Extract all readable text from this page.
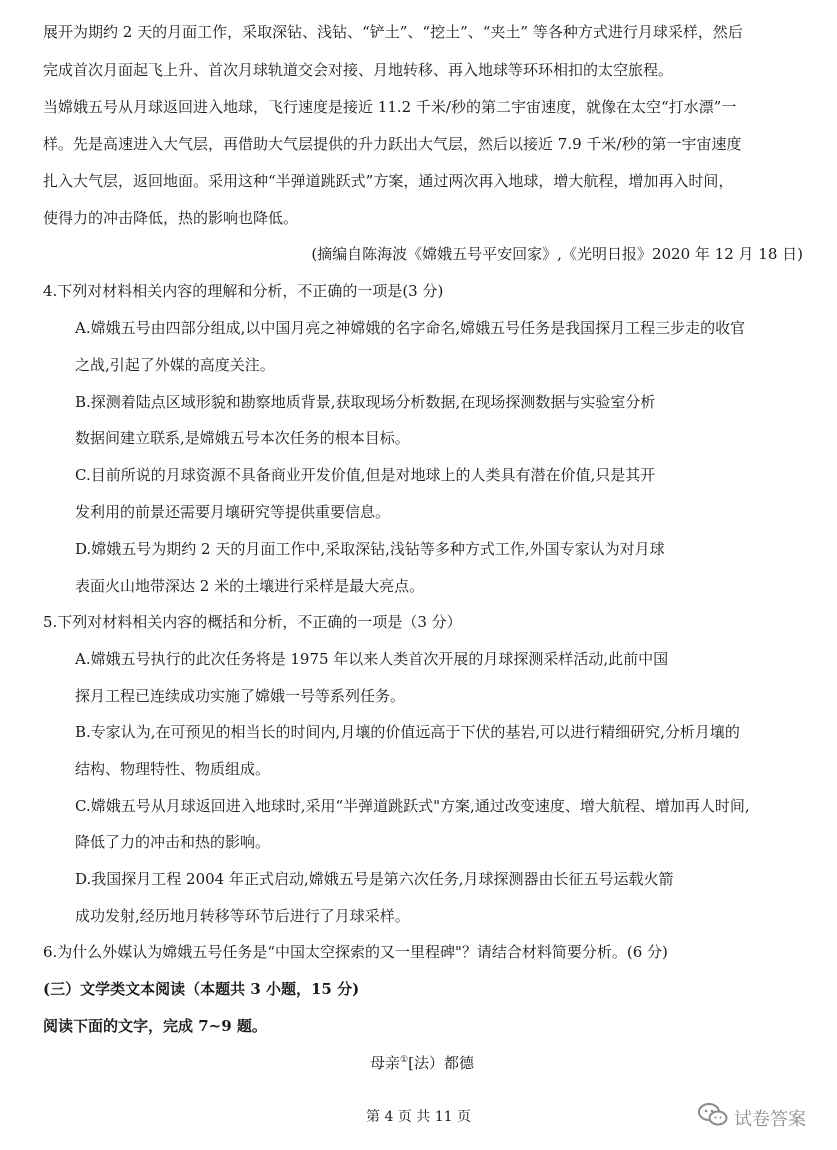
展开为期约 2 天的月面工作，采取深钻、浅钻、“铲土”、“挖土”、“夹土” 等各种方式进行月球采样，然后
完成首次月面起飞上升、首次月球轨道交会对接、月地转移、再入地球等环环相扣的太空旅程。
当嫦娥五号从月球返回进入地球，飞行速度是接近 11.2 千米/秒的第二宇宙速度，就像在太空“打水漂”一
样。先是高速进入大气层，再借助大气层提供的升力跃出大气层，然后以接近 7.9 千米/秒的第一宇宙速度
扎入大气层，返回地面。采用这种“半弹道跳跃式”方案，通过两次再入地球，增大航程，增加再入时间，
使得力的冲击降低，热的影响也降低。
(摘编自陈海波《嫦娥五号平安回家》,《光明日报》2020 年 12 月 18 日)
4.下列对材料相关内容的理解和分析，不正确的一项是(3 分)
A.嫦娥五号由四部分组成,以中国月亮之神嫦娥的名字命名,嫦娥五号任务是我国探月工程三步走的收官
之战,引起了外媒的高度关注。
B.探测着陆点区域形貌和勘察地质背景,获取现场分析数据,在现场探测数据与实验室分析
数据间建立联系,是嫦娥五号本次任务的根本目标。
C.目前所说的月球资源不具备商业开发价值,但是对地球上的人类具有潜在价值,只是其开
发利用的前景还需要月壤研究等提供重要信息。
D.嫦娥五号为期约 2 天的月面工作中,采取深钻,浅钻等多种方式工作,外国专家认为对月球
表面火山地带深达 2 米的土壤进行采样是最大亮点。
5.下列对材料相关内容的概括和分析，不正确的一项是（3 分）
A.嫦娥五号执行的此次任务将是 1975 年以来人类首次开展的月球探测采样活动,此前中国
探月工程已连续成功实施了嫦娥一号等系列任务。
B.专家认为,在可预见的相当长的时间内,月壤的价值远高于下伏的基岩,可以进行精细研究,分析月壤的
结构、物理特性、物质组成。
C.嫦娥五号从月球返回进入地球时,采用“半弹道跳跃式"方案,通过改变速度、增大航程、增加再人时间,
降低了力的冲击和热的影响。
D.我国探月工程 2004 年正式启动,嫦娥五号是第六次任务,月球探测器由长征五号运载火箭
成功发射,经历地月转移等环节后进行了月球采样。
6.为什么外媒认为嫦娥五号任务是“中国太空探索的又一里程碑"？请结合材料简要分析。(6 分)
(三）文学类文本阅读（本题共 3 小题，15 分)
阅读下面的文字，完成 7~9 题。
母亲①[法）都德
第 4 页 共 11 页	试卷答案
